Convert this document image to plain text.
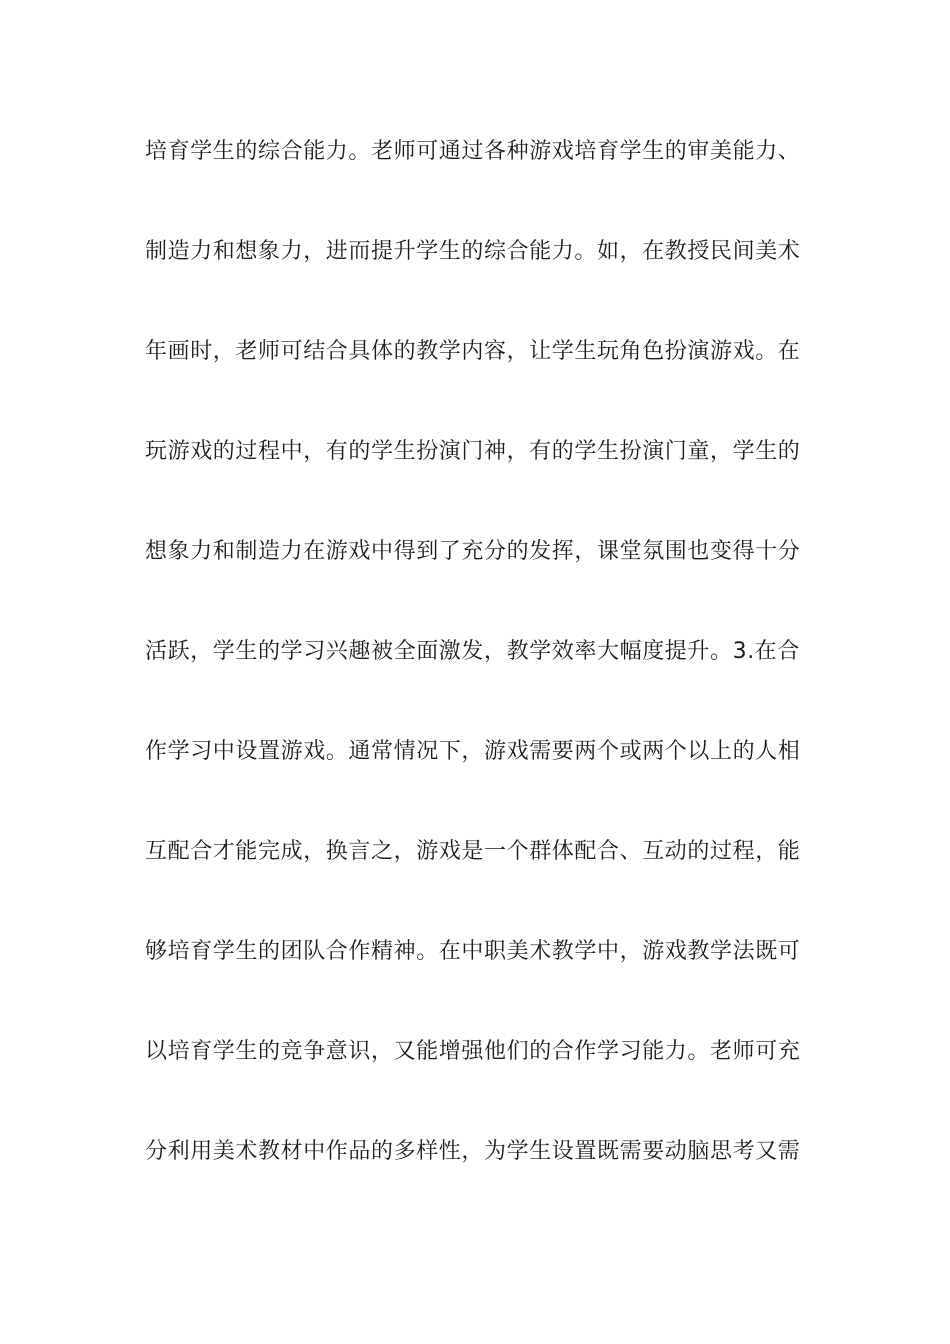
培育学生的综合能力。老师可通过各种游戏培育学生的审美能力、
制造力和想象力，进而提升学生的综合能力。如，在教授民间美术
年画时，老师可结合具体的教学内容，让学生玩角色扮演游戏。在
玩游戏的过程中，有的学生扮演门神，有的学生扮演门童，学生的
想象力和制造力在游戏中得到了充分的发挥，课堂氛围也变得十分
活跃，学生的学习兴趣被全面激发，教学效率大幅度提升。3.在合
作学习中设置游戏。通常情况下，游戏需要两个或两个以上的人相
互配合才能完成，换言之，游戏是一个群体配合、互动的过程，能
够培育学生的团队合作精神。在中职美术教学中，游戏教学法既可
以培育学生的竞争意识，又能增强他们的合作学习能力。老师可充
分利用美术教材中作品的多样性，为学生设置既需要动脑思考又需
